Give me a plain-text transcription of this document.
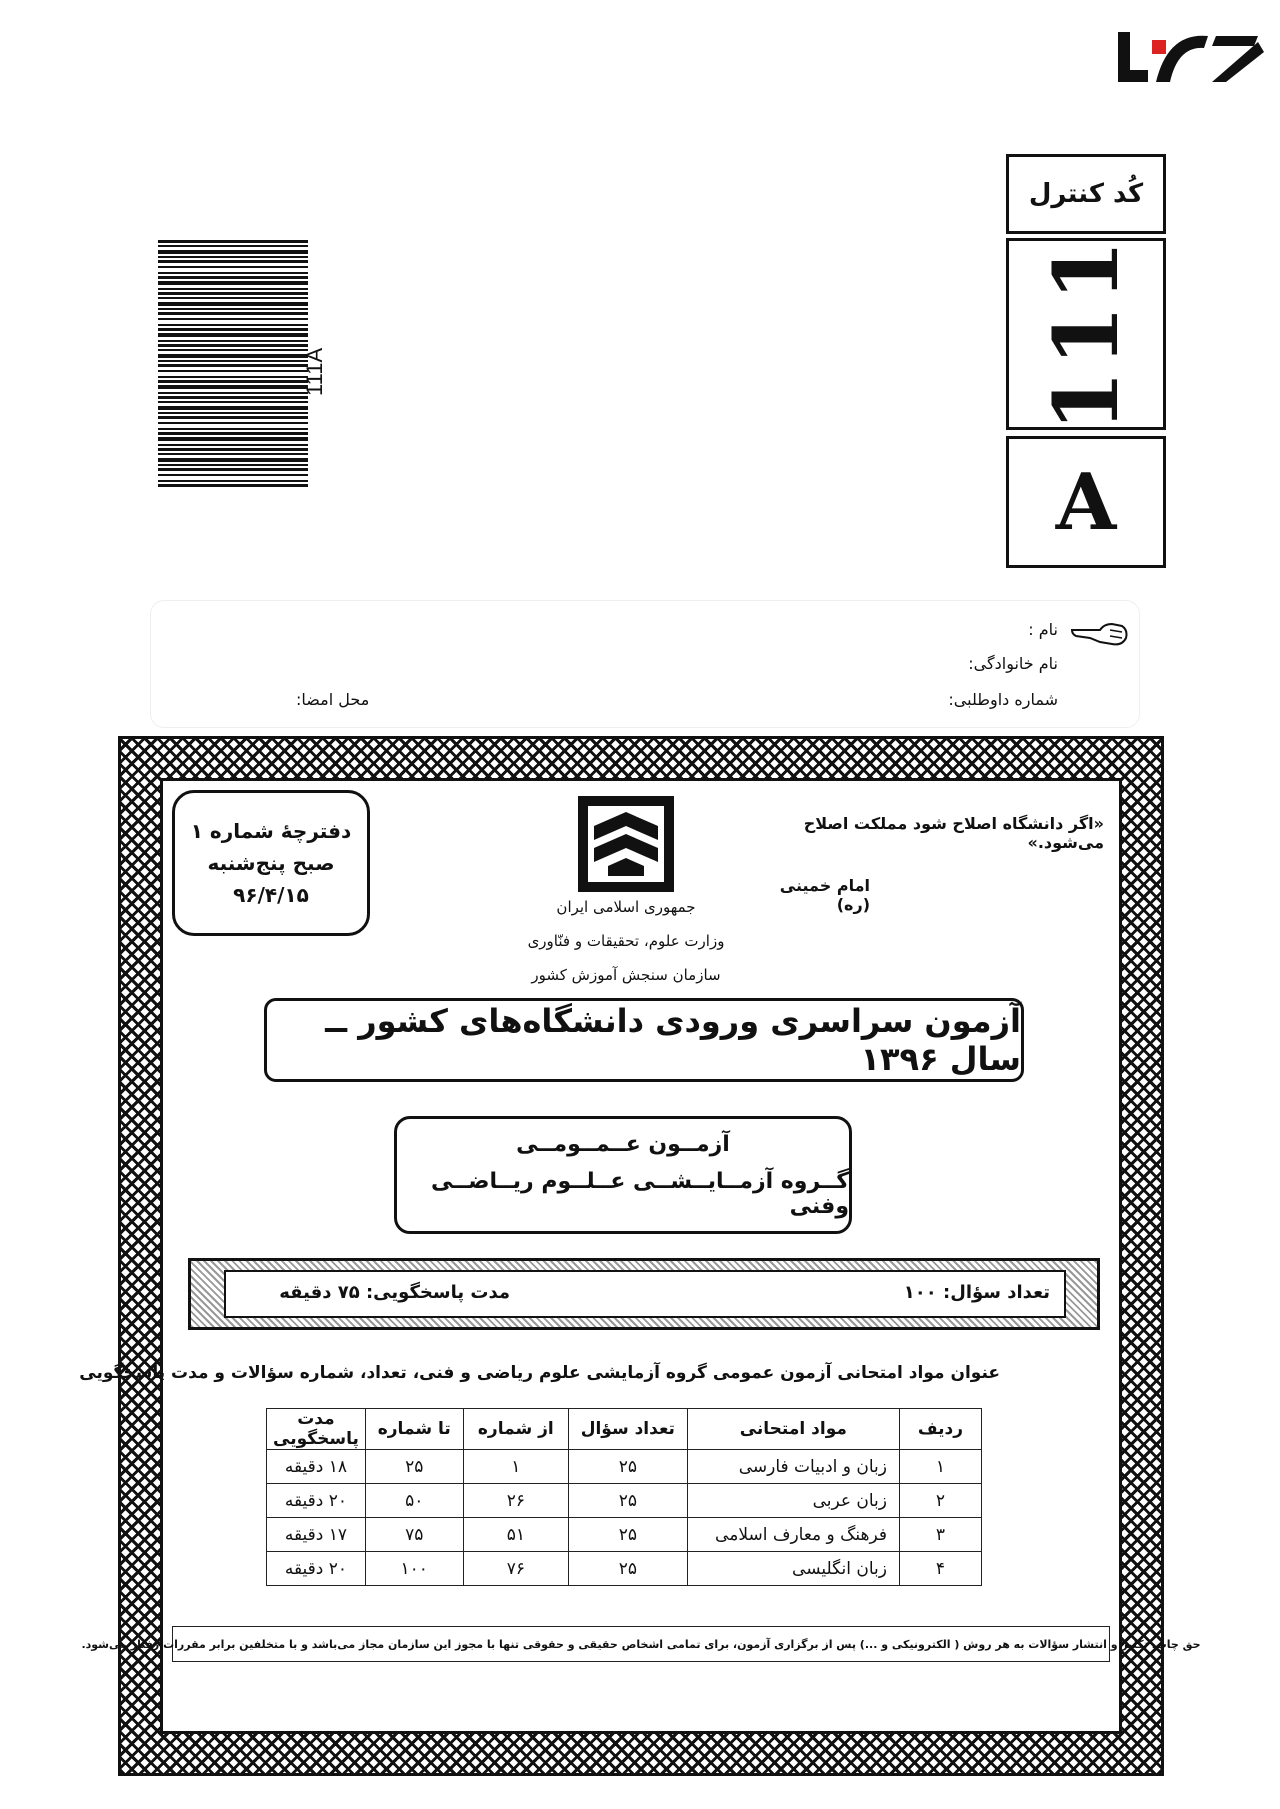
کُد کنترل
111
A
111A
نام :
نام خانوادگی:
شماره داوطلبی:
محل امضا:
دفترچهٔ شماره ۱
صبح پنج‌شنبه
۹۶/۴/۱۵	جمهوری اسلامی ایران
وزارت علوم، تحقیقات و فنّاوری
سازمان سنجش آموزش کشور
«اگر دانشگاه اصلاح شود مملکت اصلاح می‌شود.»
امام خمینی (ره)
آزمون سراسری ورودی دانشگاه‌های کشور ــ سال ۱۳۹۶
آزمــون عــمــومــی
گــروه آزمــایــشــی عــلــوم ریــاضــی وفنی
تعداد سؤال: ۱۰۰
مدت پاسخگویی: ۷۵ دقیقه
عنوان مواد امتحانی آزمون عمومی گروه آزمایشی علوم ریاضی و فنی، تعداد، شماره سؤالات و مدت پاسخگویی
ردیف	مواد امتحانی	تعداد سؤال	از شماره	تا شماره	مدت پاسخگویی
۱	زبان و ادبیات فارسی	۲۵	۱	۲۵	۱۸ دقیقه
۲	زبان عربی	۲۵	۲۶	۵۰	۲۰ دقیقه
۳	فرهنگ و معارف اسلامی	۲۵	۵۱	۷۵	۱۷ دقیقه
۴	زبان انگلیسی	۲۵	۷۶	۱۰۰	۲۰ دقیقه
حق چاپ، تکثیر و انتشار سؤالات به هر روش ( الکترونیکی و ...) پس از برگزاری آزمون، برای تمامی اشخاص حقیقی و حقوقی تنها با مجوز این سازمان مجاز می‌باشد و با متخلفین برابر مقررات رفتار می‌شود.
